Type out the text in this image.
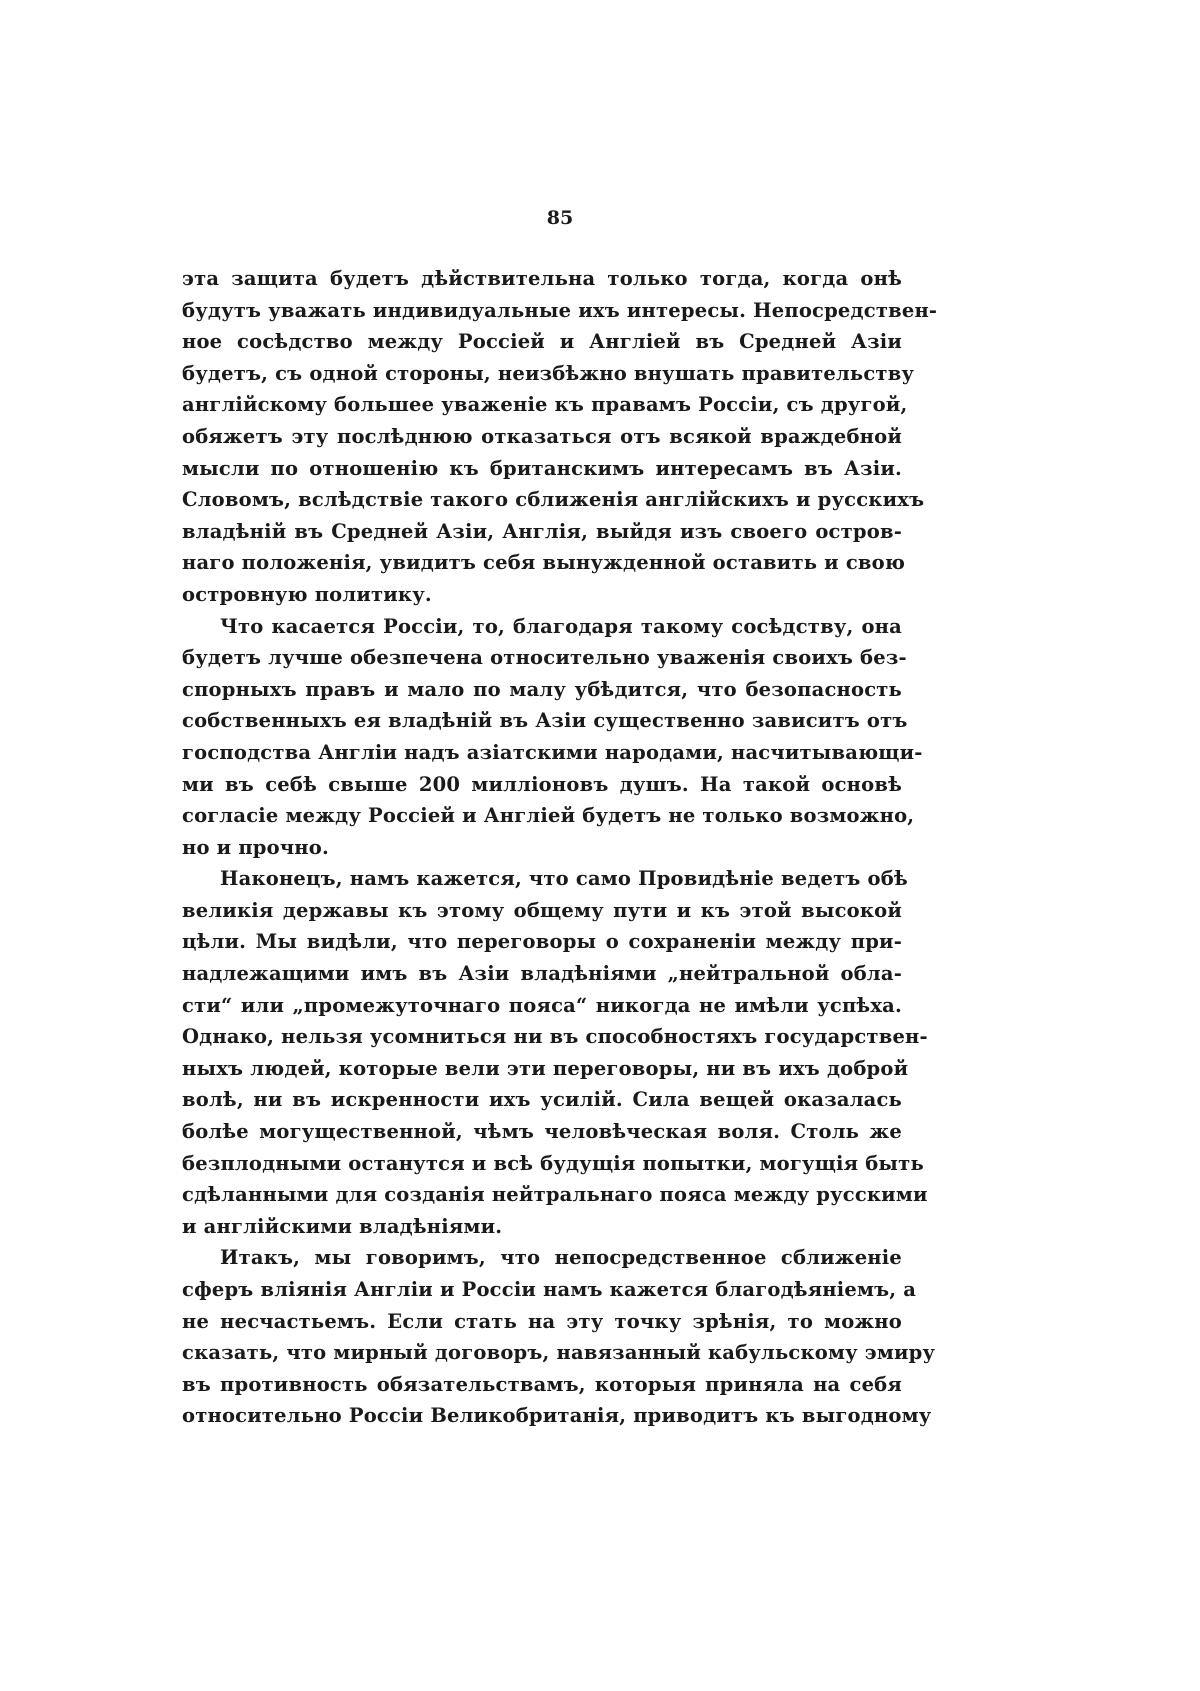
85
эта защита будетъ дѣйствительна только тогда, когда онѣ
будутъ уважать индивидуальные ихъ интересы. Непосредствен-
ное сосѣдство между Россіей и Англіей въ Средней Азіи
будетъ, съ одной стороны, неизбѣжно внушать правительству
англійскому большее уваженіе къ правамъ Россіи, съ другой,
обяжетъ эту послѣднюю отказаться отъ всякой враждебной
мысли по отношенію къ британскимъ интересамъ въ Азіи.
Словомъ, вслѣдствіе такого сближенія англійскихъ и русскихъ
владѣній въ Средней Азіи, Англія, выйдя изъ своего остров-
наго положенія, увидитъ себя вынужденной оставить и свою
островную политику.
Что касается Россіи, то, благодаря такому сосѣдству, она
будетъ лучше обезпечена относительно уваженія своихъ без-
спорныхъ правъ и мало по малу убѣдится, что безопасность
собственныхъ ея владѣній въ Азіи существенно зависитъ отъ
господства Англіи надъ азіатскими народами, насчитывающи-
ми въ себѣ свыше 200 милліоновъ душъ. На такой основѣ
согласіе между Россіей и Англіей будетъ не только возможно,
но и прочно.
Наконецъ, намъ кажется, что само Провидѣніе ведетъ обѣ
великія державы къ этому общему пути и къ этой высокой
цѣли. Мы видѣли, что переговоры о сохраненіи между при-
надлежащими имъ въ Азіи владѣніями „нейтральной обла-
сти“ или „промежуточнаго пояса“ никогда не имѣли успѣха.
Однако, нельзя усомниться ни въ способностяхъ государствен-
ныхъ людей, которые вели эти переговоры, ни въ ихъ доброй
волѣ, ни въ искренности ихъ усилій. Сила вещей оказалась
болѣе могущественной, чѣмъ человѣческая воля. Столь же
безплодными останутся и всѣ будущія попытки, могущія быть
сдѣланными для созданія нейтральнаго пояса между русскими
и англійскими владѣніями.
Итакъ, мы говоримъ, что непосредственное сближеніе
сферъ вліянія Англіи и Россіи намъ кажется благодѣяніемъ, а
не несчастьемъ. Если стать на эту точку зрѣнія, то можно
сказать, что мирный договоръ, навязанный кабульскому эмиру
въ противность обязательствамъ, которыя приняла на себя
относительно Россіи Великобританія, приводитъ къ выгодному
